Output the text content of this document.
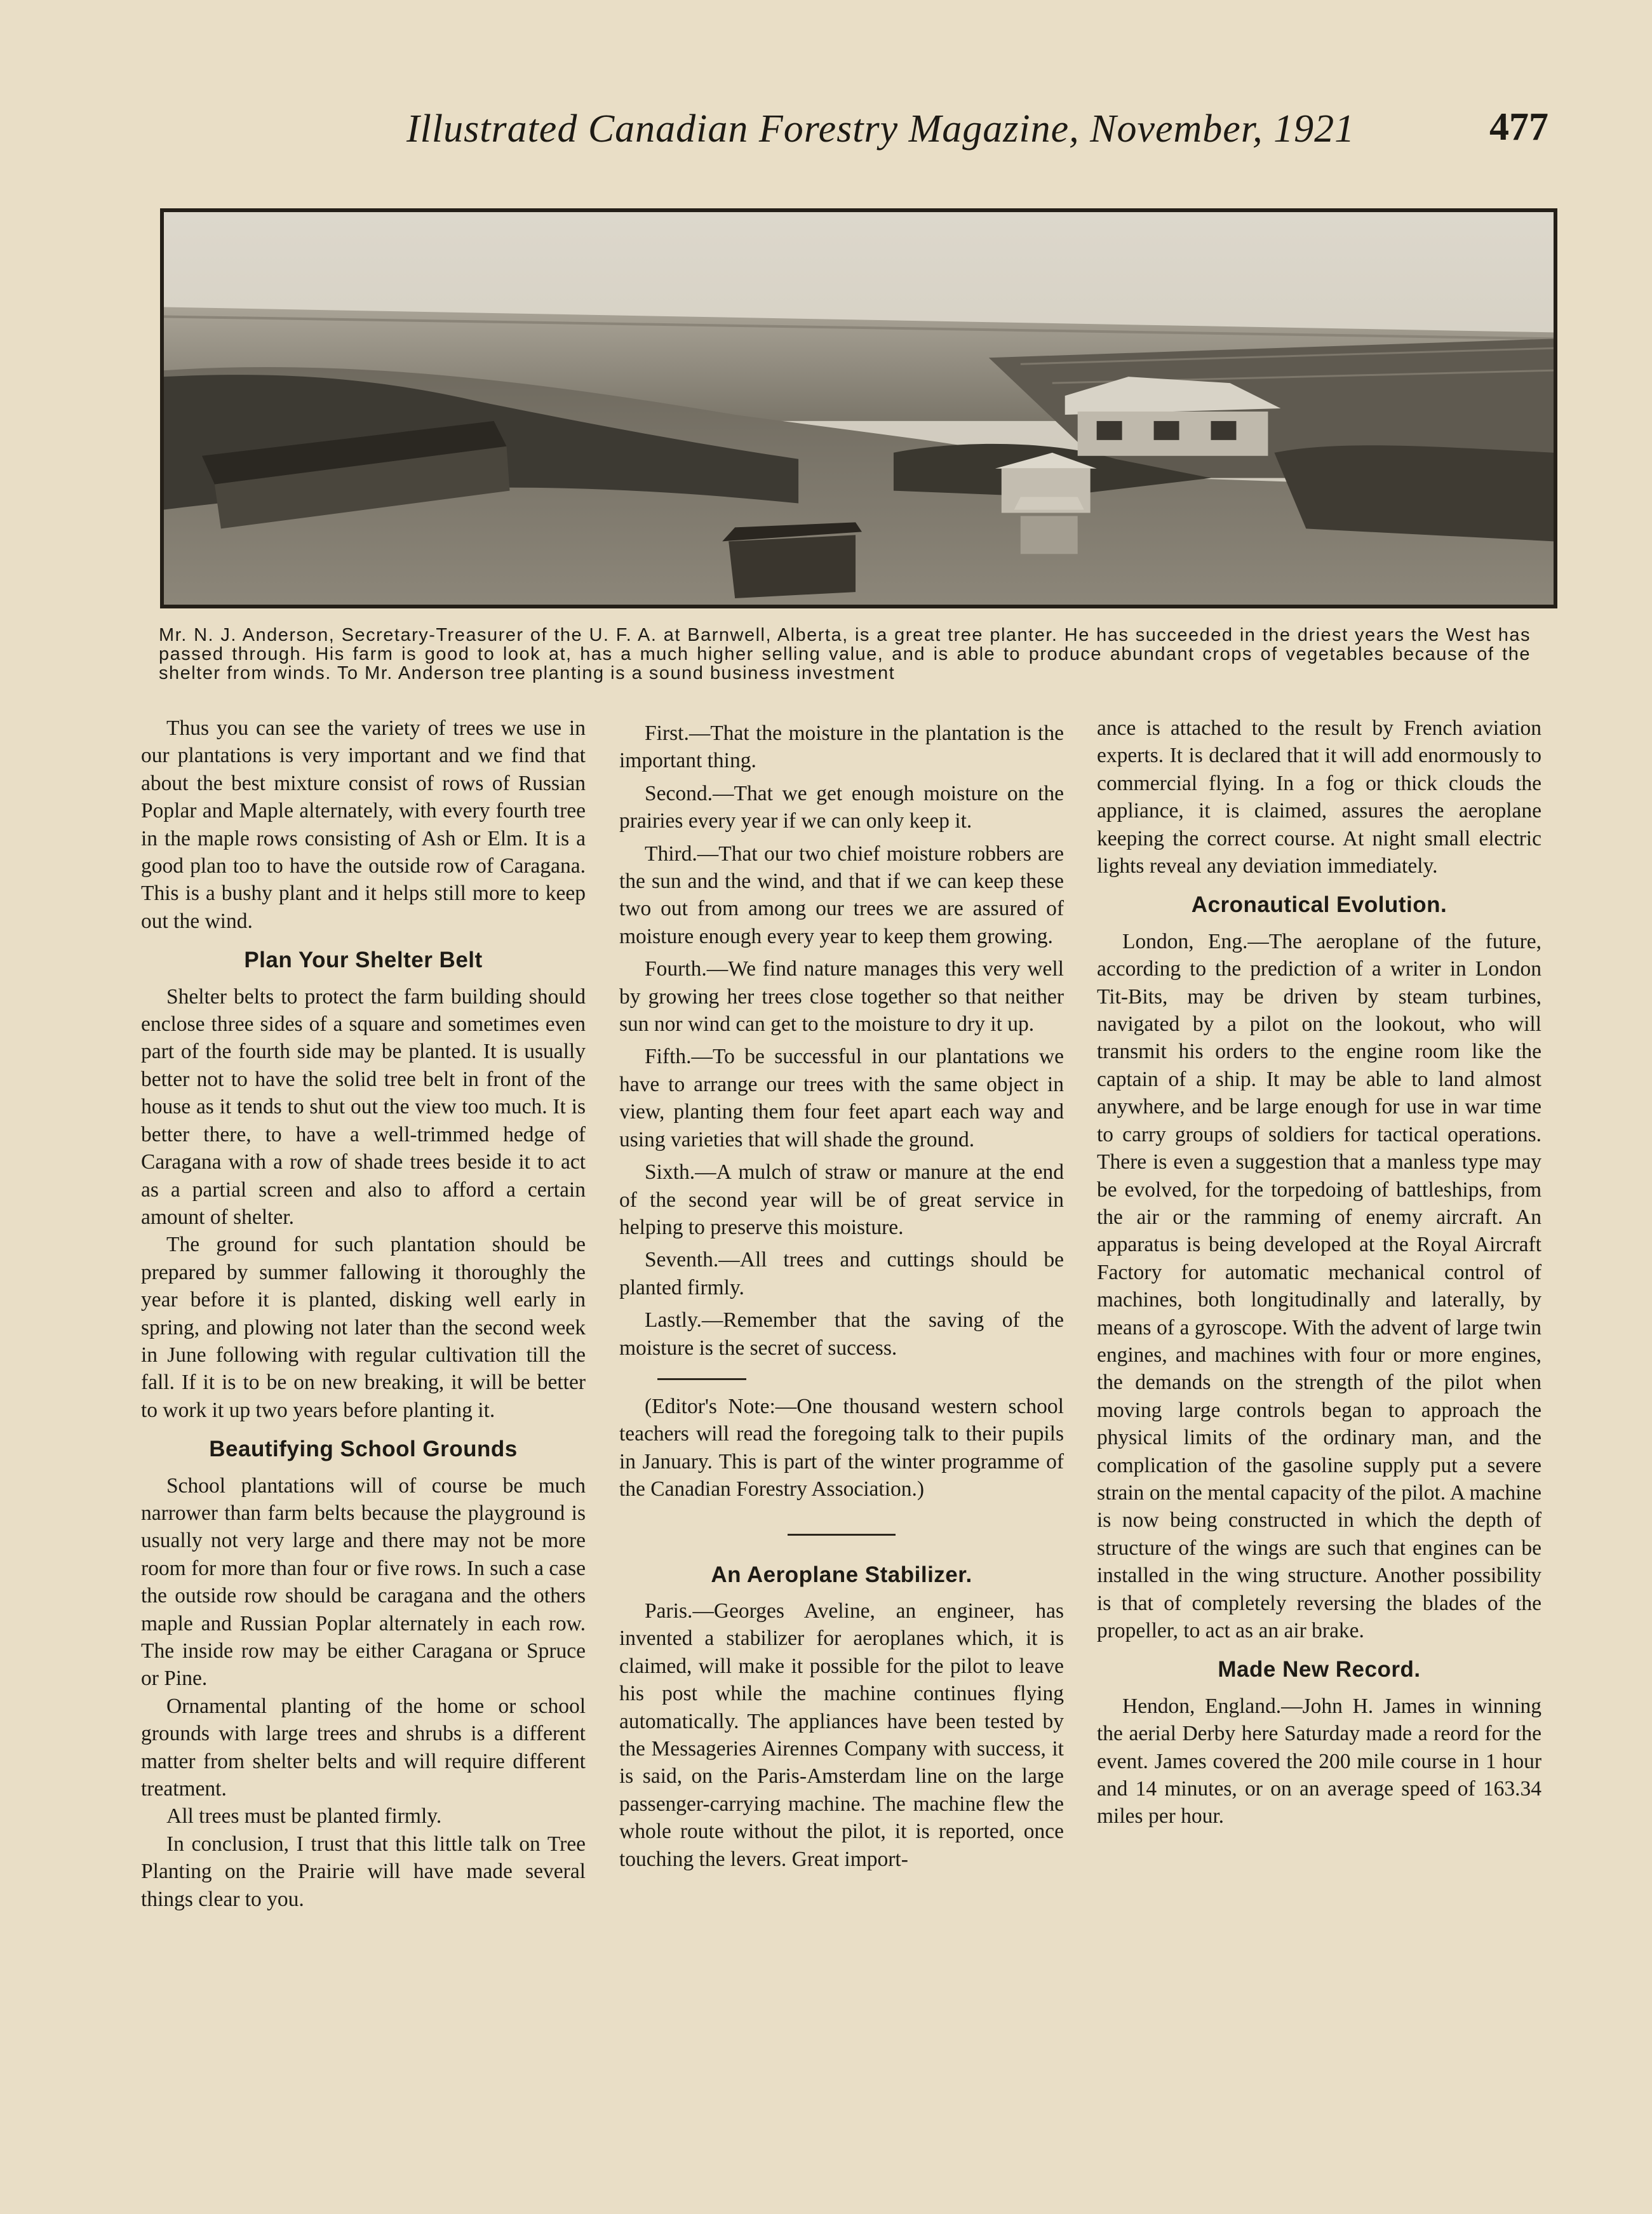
Illustrated Canadian Forestry Magazine, November, 1921	477
Mr. N. J. Anderson, Secretary-Treasurer of the U. F. A. at Barnwell, Alberta, is a great tree planter. He has succeeded in the driest years the West has passed through. His farm is good to look at, has a much higher selling value, and is able to produce abundant crops of vegetables because of the shelter from winds. To Mr. Anderson tree planting is a sound business investment

Thus you can see the variety of trees we use in our plantations is very important and we find that about the best mixture consist of rows of Russian Poplar and Maple alternately, with every fourth tree in the maple rows consisting of Ash or Elm. It is a good plan too to have the outside row of Caragana. This is a bushy plant and it helps still more to keep out the wind.

Plan Your Shelter Belt

Shelter belts to protect the farm building should enclose three sides of a square and sometimes even part of the fourth side may be planted. It is usually better not to have the solid tree belt in front of the house as it tends to shut out the view too much. It is better there, to have a well-trimmed hedge of Caragana with a row of shade trees beside it to act as a partial screen and also to afford a certain amount of shelter.

The ground for such plantation should be prepared by summer fallowing it thoroughly the year before it is planted, disking well early in spring, and plowing not later than the second week in June following with regular cultivation till the fall. If it is to be on new breaking, it will be better to work it up two years before planting it.

Beautifying School Grounds

School plantations will of course be much narrower than farm belts because the playground is usually not very large and there may not be more room for more than four or five rows. In such a case the outside row should be caragana and the others maple and Russian Poplar alternately in each row. The inside row may be either Caragana or Spruce or Pine.

Ornamental planting of the home or school grounds with large trees and shrubs is a different matter from shelter belts and will require different treatment.

All trees must be planted firmly.

In conclusion, I trust that this little talk on Tree Planting on the Prairie will have made several things clear to you.

First.—That the moisture in the plantation is the important thing.

Second.—That we get enough moisture on the prairies every year if we can only keep it.

Third.—That our two chief moisture robbers are the sun and the wind, and that if we can keep these two out from among our trees we are assured of moisture enough every year to keep them growing.

Fourth.—We find nature manages this very well by growing her trees close together so that neither sun nor wind can get to the moisture to dry it up.

Fifth.—To be successful in our plantations we have to arrange our trees with the same object in view, planting them four feet apart each way and using varieties that will shade the ground.

Sixth.—A mulch of straw or manure at the end of the second year will be of great service in helping to preserve this moisture.

Seventh.—All trees and cuttings should be planted firmly.

Lastly.—Remember that the saving of the moisture is the secret of success.

(Editor's Note:—One thousand western school teachers will read the foregoing talk to their pupils in January. This is part of the winter programme of the Canadian Forestry Association.)

An Aeroplane Stabilizer.

Paris.—Georges Aveline, an engineer, has invented a stabilizer for aeroplanes which, it is claimed, will make it possible for the pilot to leave his post while the machine continues flying automatically. The appliances have been tested by the Messageries Airennes Company with success, it is said, on the Paris-Amsterdam line on the large passenger-carrying machine. The machine flew the whole route without the pilot, it is reported, once touching the levers. Great import-

ance is attached to the result by French aviation experts. It is declared that it will add enormously to commercial flying. In a fog or thick clouds the appliance, it is claimed, assures the aeroplane keeping the correct course. At night small electric lights reveal any deviation immediately.

Acronautical Evolution.

London, Eng.—The aeroplane of the future, according to the prediction of a writer in London Tit-Bits, may be driven by steam turbines, navigated by a pilot on the lookout, who will transmit his orders to the engine room like the captain of a ship. It may be able to land almost anywhere, and be large enough for use in war time to carry groups of soldiers for tactical operations. There is even a suggestion that a manless type may be evolved, for the torpedoing of battleships, from the air or the ramming of enemy aircraft. An apparatus is being developed at the Royal Aircraft Factory for automatic mechanical control of machines, both longitudinally and laterally, by means of a gyroscope. With the advent of large twin engines, and machines with four or more engines, the demands on the strength of the pilot when moving large controls began to approach the physical limits of the ordinary man, and the complication of the gasoline supply put a severe strain on the mental capacity of the pilot. A machine is now being constructed in which the depth of structure of the wings are such that engines can be installed in the wing structure. Another possibility is that of completely reversing the blades of the propeller, to act as an air brake.

Made New Record.

Hendon, England.—John H. James in winning the aerial Derby here Saturday made a reord for the event. James covered the 200 mile course in 1 hour and 14 minutes, or on an average speed of 163.34 miles per hour.
